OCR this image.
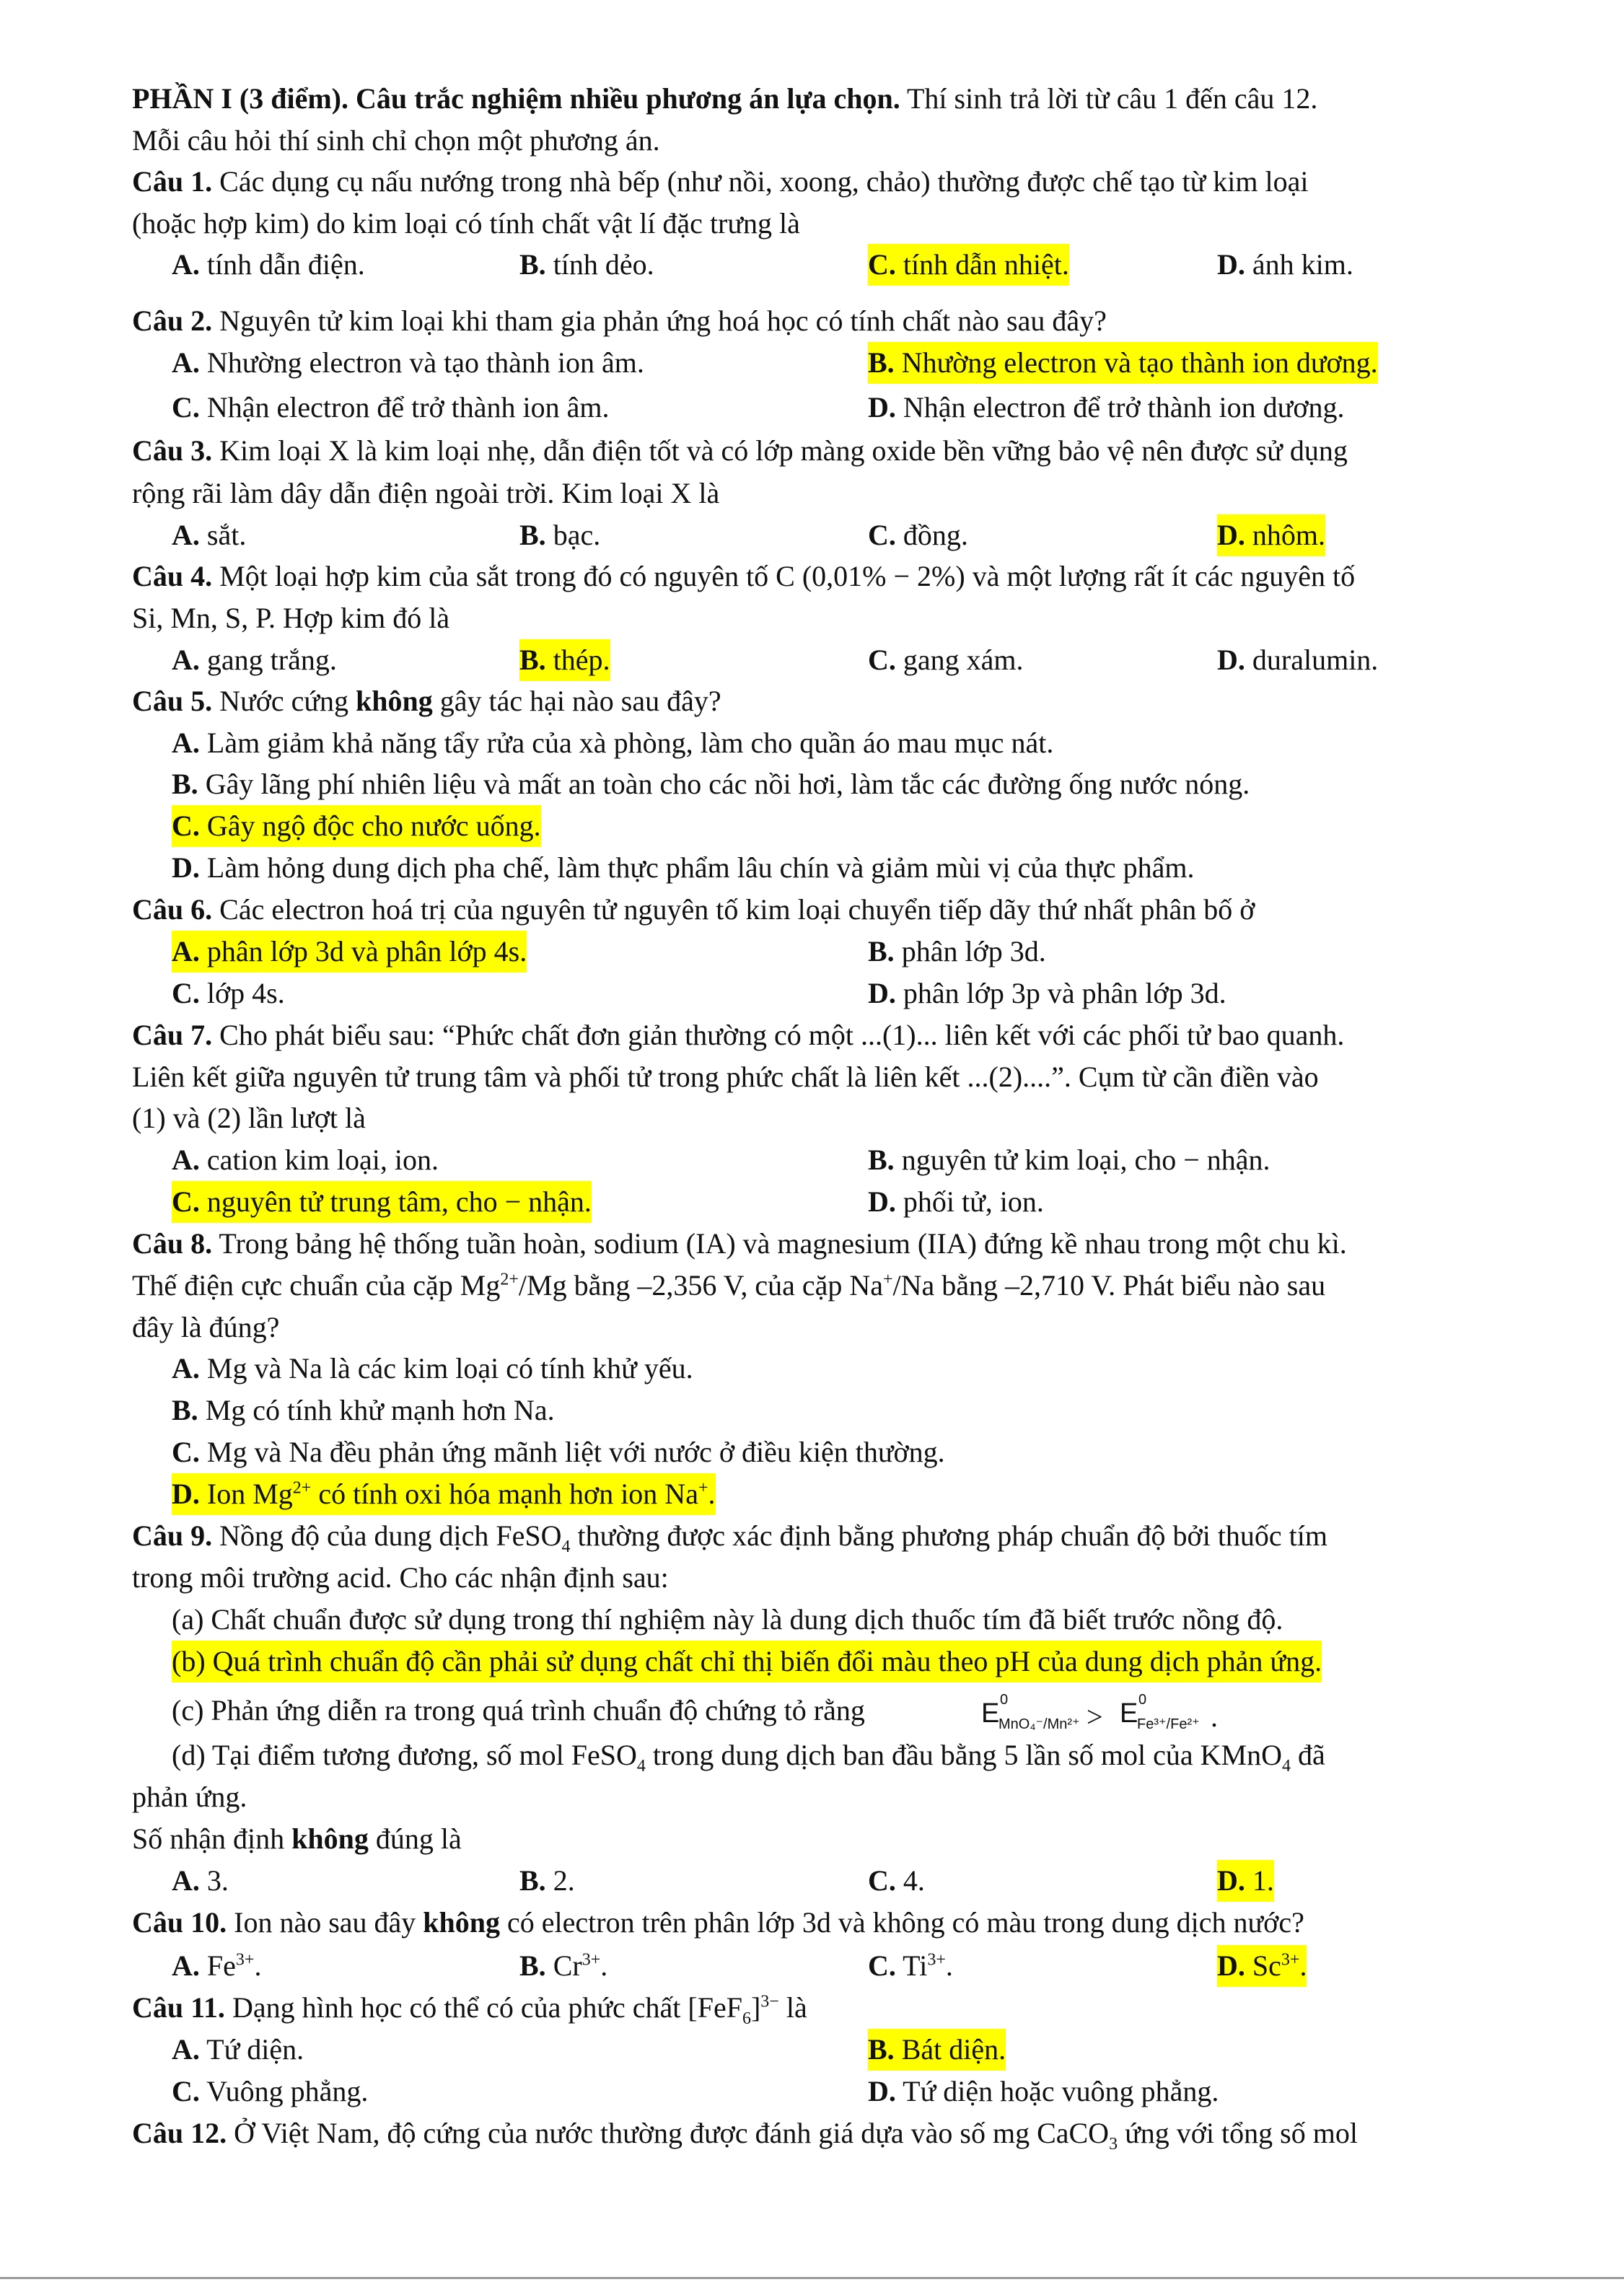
PHẦN I (3 điểm). Câu trắc nghiệm nhiều phương án lựa chọn. Thí sinh trả lời từ câu 1 đến câu 12.
Mỗi câu hỏi thí sinh chỉ chọn một phương án.
Câu 1. Các dụng cụ nấu nướng trong nhà bếp (như nồi, xoong, chảo) thường được chế tạo từ kim loại
(hoặc hợp kim) do kim loại có tính chất vật lí đặc trưng là
A. tính dẫn điện.	B. tính dẻo.	C. tính dẫn nhiệt.	D. ánh kim.
Câu 2. Nguyên tử kim loại khi tham gia phản ứng hoá học có tính chất nào sau đây?
A. Nhường electron và tạo thành ion âm.	B. Nhường electron và tạo thành ion dương.
C. Nhận electron để trở thành ion âm.	D. Nhận electron để trở thành ion dương.
Câu 3. Kim loại X là kim loại nhẹ, dẫn điện tốt và có lớp màng oxide bền vững bảo vệ nên được sử dụng
rộng rãi làm dây dẫn điện ngoài trời. Kim loại X là
A. sắt.	B. bạc.	C. đồng.	D. nhôm.
Câu 4. Một loại hợp kim của sắt trong đó có nguyên tố C (0,01% − 2%) và một lượng rất ít các nguyên tố
Si, Mn, S, P. Hợp kim đó là
A. gang trắng.	B. thép.	C. gang xám.	D. duralumin.
Câu 5. Nước cứng không gây tác hại nào sau đây?
A. Làm giảm khả năng tẩy rửa của xà phòng, làm cho quần áo mau mục nát.
B. Gây lãng phí nhiên liệu và mất an toàn cho các nồi hơi, làm tắc các đường ống nước nóng.
C. Gây ngộ độc cho nước uống.
D. Làm hỏng dung dịch pha chế, làm thực phẩm lâu chín và giảm mùi vị của thực phẩm.
Câu 6. Các electron hoá trị của nguyên tử nguyên tố kim loại chuyển tiếp dãy thứ nhất phân bố ở
A. phân lớp 3d và phân lớp 4s.	B. phân lớp 3d.
C. lớp 4s.	D. phân lớp 3p và phân lớp 3d.
Câu 7. Cho phát biểu sau: “Phức chất đơn giản thường có một ...(1)... liên kết với các phối tử bao quanh.
Liên kết giữa nguyên tử trung tâm và phối tử trong phức chất là liên kết ...(2)....”. Cụm từ cần điền vào
(1) và (2) lần lượt là
A. cation kim loại, ion.	B. nguyên tử kim loại, cho − nhận.
C. nguyên tử trung tâm, cho − nhận.	D. phối tử, ion.
Câu 8. Trong bảng hệ thống tuần hoàn, sodium (IA) và magnesium (IIA) đứng kề nhau trong một chu kì.
Thế điện cực chuẩn của cặp $Mg^{2+}/Mg$ bằng –2,356 V, của cặp Na+/Na bằng –2,710 V. Phát biểu nào sau
đây là đúng?
A. Mg và Na là các kim loại có tính khử yếu.
B. Mg có tính khử mạnh hơn Na.
C. Mg và Na đều phản ứng mãnh liệt với nước ở điều kiện thường.
D. Ion $Mg^{2+}$ có tính oxi hóa mạnh hơn ion Na+.
Câu 9. Nồng độ của dung dịch FeSO$_4$ thường được xác định bằng phương pháp chuẩn độ bởi thuốc tím
trong môi trường acid. Cho các nhận định sau:
(a) Chất chuẩn được sử dụng trong thí nghiệm này là dung dịch thuốc tím đã biết trước nồng độ.
(b) Quá trình chuẩn độ cần phải sử dụng chất chỉ thị biến đổi màu theo pH của dung dịch phản ứng.
(c) Phản ứng diễn ra trong quá trình chuẩn độ chứng tỏ rằng	E 0
MnO₄⁻/Mn²⁺ > E 0
Fe³⁺/Fe²⁺ .
(d) Tại điểm tương đương, số mol FeSO$_4$ trong dung dịch ban đầu bằng 5 lần số mol của KMnO$_4$ đã
phản ứng.
Số nhận định không đúng là
A. 3.	B. 2.	C. 4.	D. 1.
Câu 10. Ion nào sau đây không có electron trên phân lớp 3d và không có màu trong dung dịch nước?
A. $Fe^{3+}$.	B. $Cr^{3+}$.	C. $Ti^{3+}$.	D. $Sc^{3+}$.
Câu 11. Dạng hình học có thể có của phức chất $[FeF_6]^{3-}$ là
A. Tứ diện.	B. Bát diện.
C. Vuông phẳng.	D. Tứ diện hoặc vuông phẳng.
Câu 12. Ở Việt Nam, độ cứng của nước thường được đánh giá dựa vào số mg CaCO$_3$ ứng với tổng số mol
